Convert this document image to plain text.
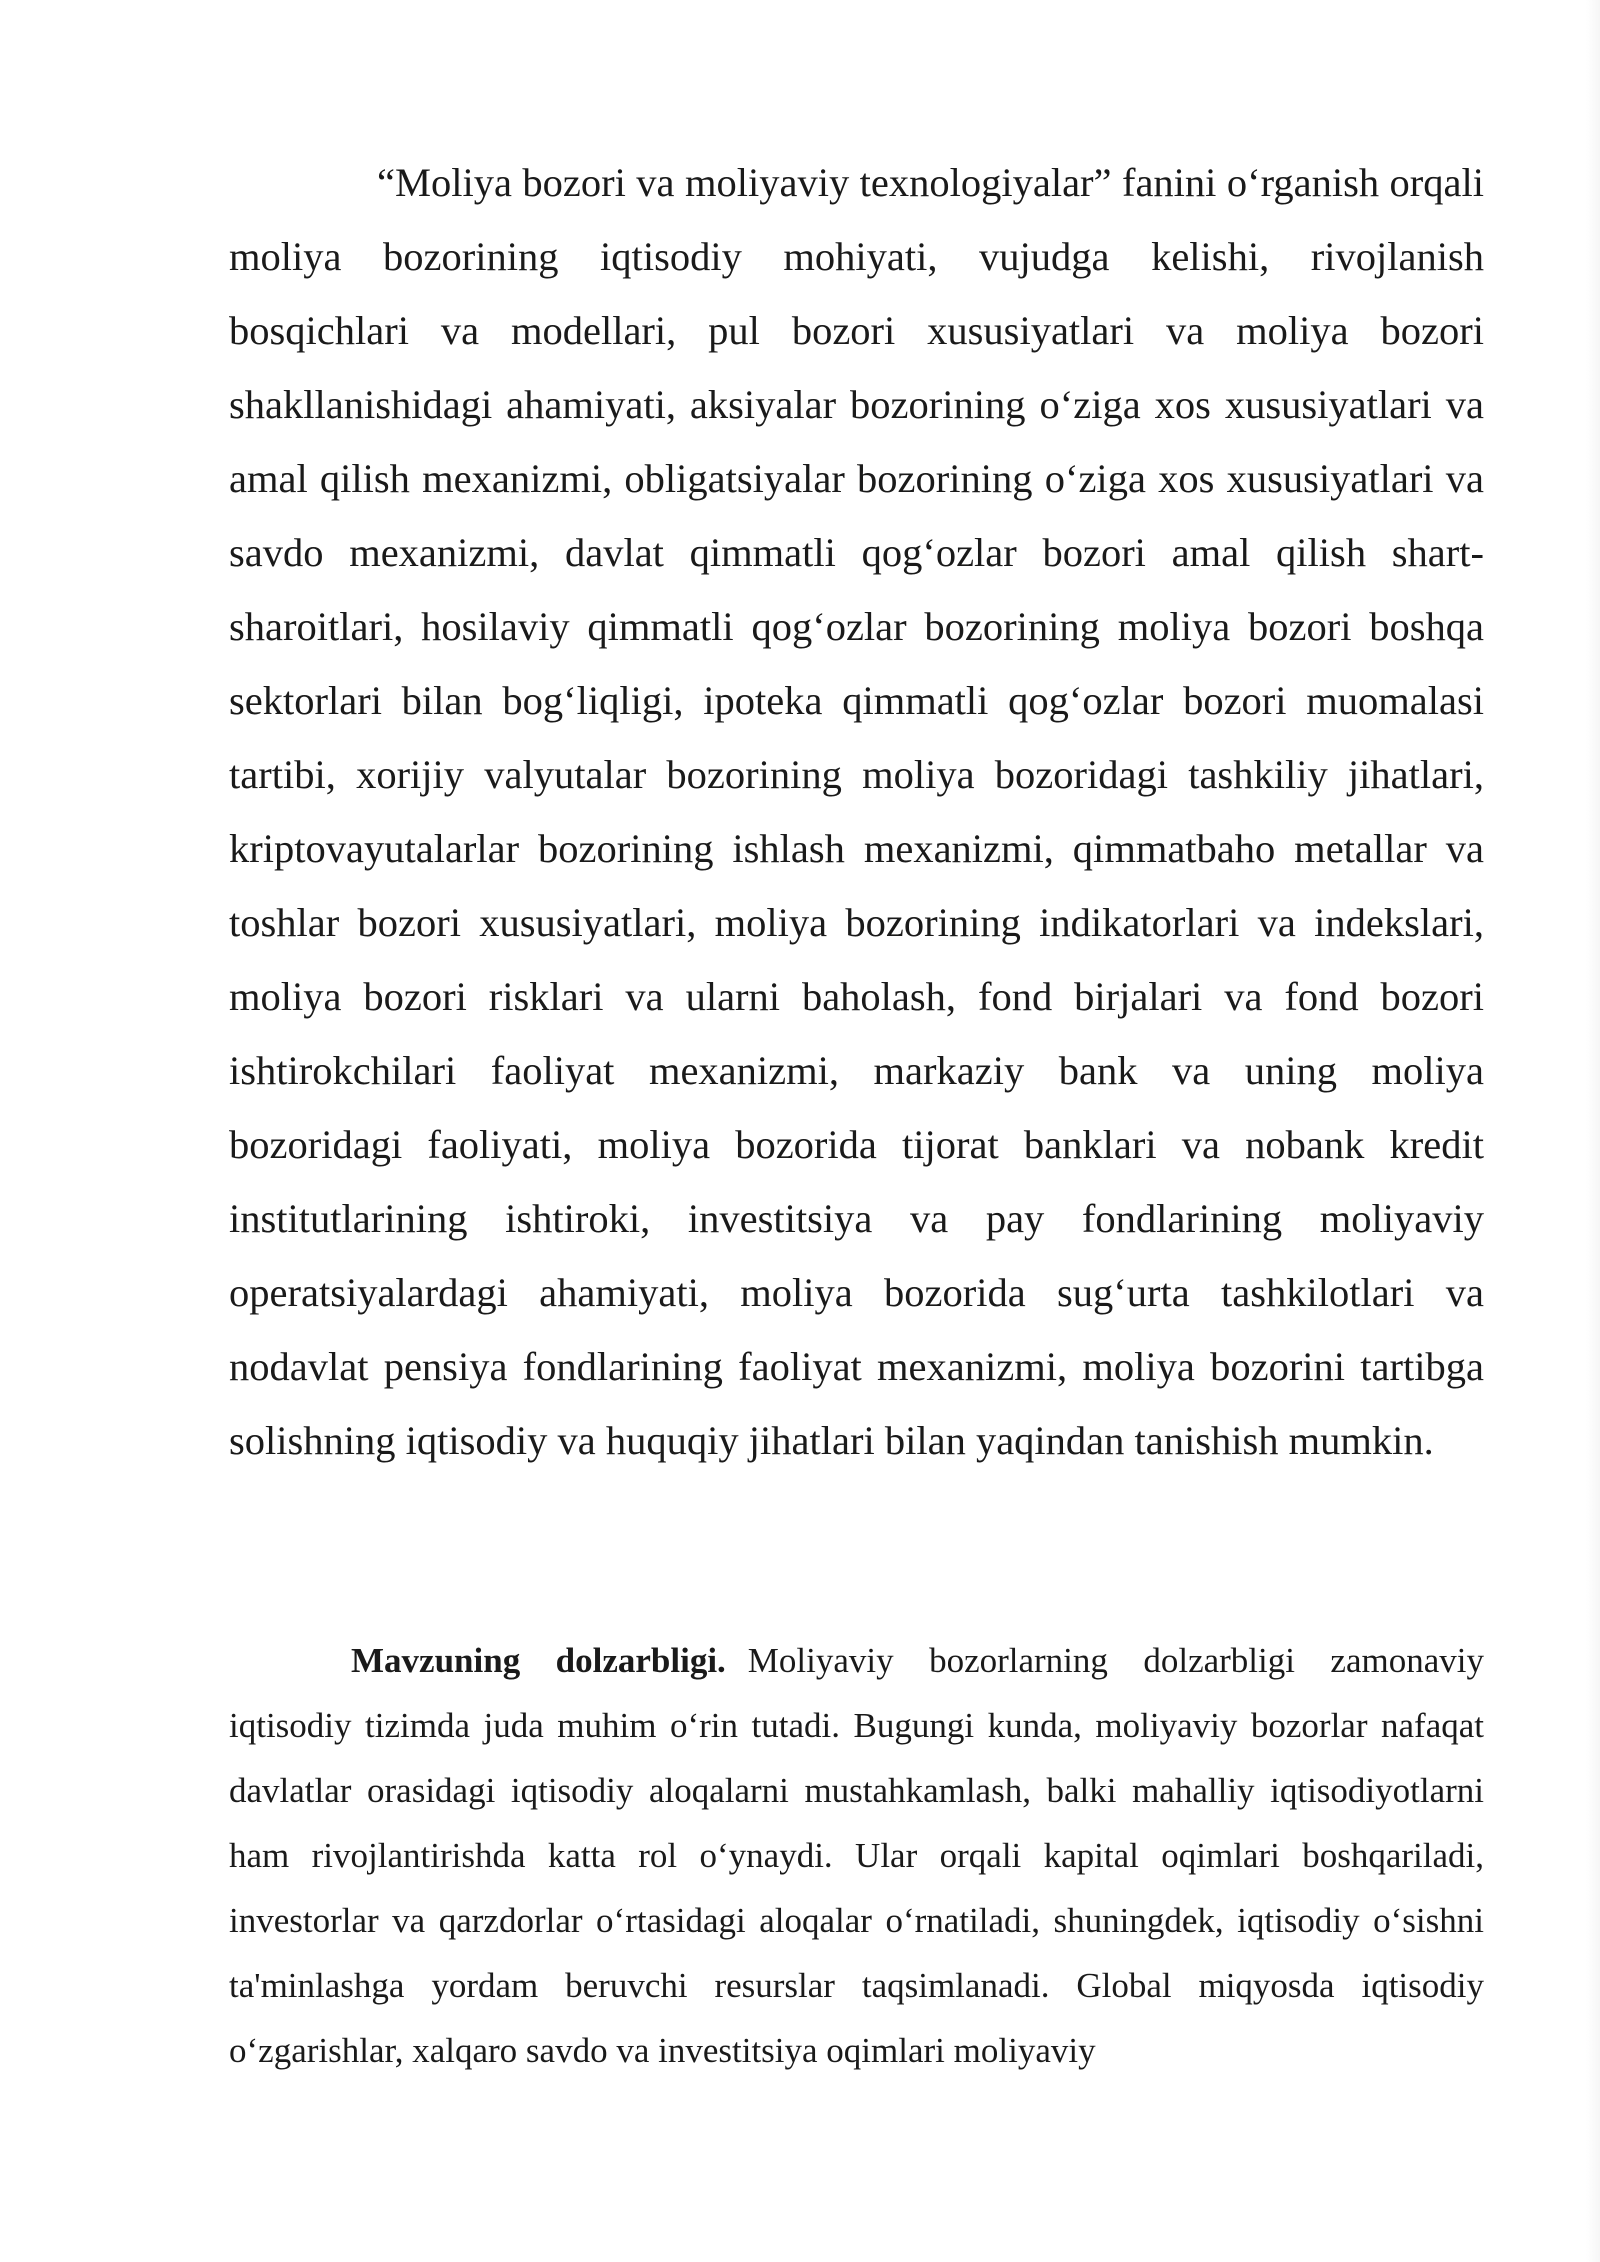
“Moliya bozori va moliyaviy texnologiyalar” fanini o‘rganish orqali moliya bozorining iqtisodiy mohiyati, vujudga kelishi, rivojlanish bosqichlari va modellari, pul bozori xususiyatlari va moliya bozori shakllanishidagi ahamiyati, aksiyalar bozorining o‘ziga xos xususiyatlari va amal qilish mexanizmi, obligatsiyalar bozorining o‘ziga xos xususiyatlari va savdo mexanizmi, davlat qimmatli qog‘ozlar bozori amal qilish shart-sharoitlari, hosilaviy qimmatli qog‘ozlar bozorining moliya bozori boshqa sektorlari bilan bog‘liqligi, ipoteka qimmatli qog‘ozlar bozori muomalasi tartibi, xorijiy valyutalar bozorining moliya bozoridagi tashkiliy jihatlari, kriptovayutalarlar bozorining ishlash mexanizmi, qimmatbaho metallar va toshlar bozori xususiyatlari, moliya bozorining indikatorlari va indekslari, moliya bozori risklari va ularni baholash, fond birjalari va fond bozori ishtirokchilari faoliyat mexanizmi, markaziy bank va uning moliya bozoridagi faoliyati, moliya bozorida tijorat banklari va nobank kredit institutlarining ishtiroki, investitsiya va pay fondlarining moliyaviy operatsiyalardagi ahamiyati, moliya bozorida sug‘urta tashkilotlari va nodavlat pensiya fondlarining faoliyat mexanizmi, moliya bozorini tartibga solishning iqtisodiy va huquqiy jihatlari bilan yaqindan tanishish mumkin.

Mavzuning dolzarbligi. Moliyaviy bozorlarning dolzarbligi zamonaviy iqtisodiy tizimda juda muhim o‘rin tutadi. Bugungi kunda, moliyaviy bozorlar nafaqat davlatlar orasidagi iqtisodiy aloqalarni mustahkamlash, balki mahalliy iqtisodiyotlarni ham rivojlantirishda katta rol o‘ynaydi. Ular orqali kapital oqimlari boshqariladi, investorlar va qarzdorlar o‘rtasidagi aloqalar o‘rnatiladi, shuningdek, iqtisodiy o‘sishni ta'minlashga yordam beruvchi resurslar taqsimlanadi. Global miqyosda iqtisodiy o‘zgarishlar, xalqaro savdo va investitsiya oqimlari moliyaviy
